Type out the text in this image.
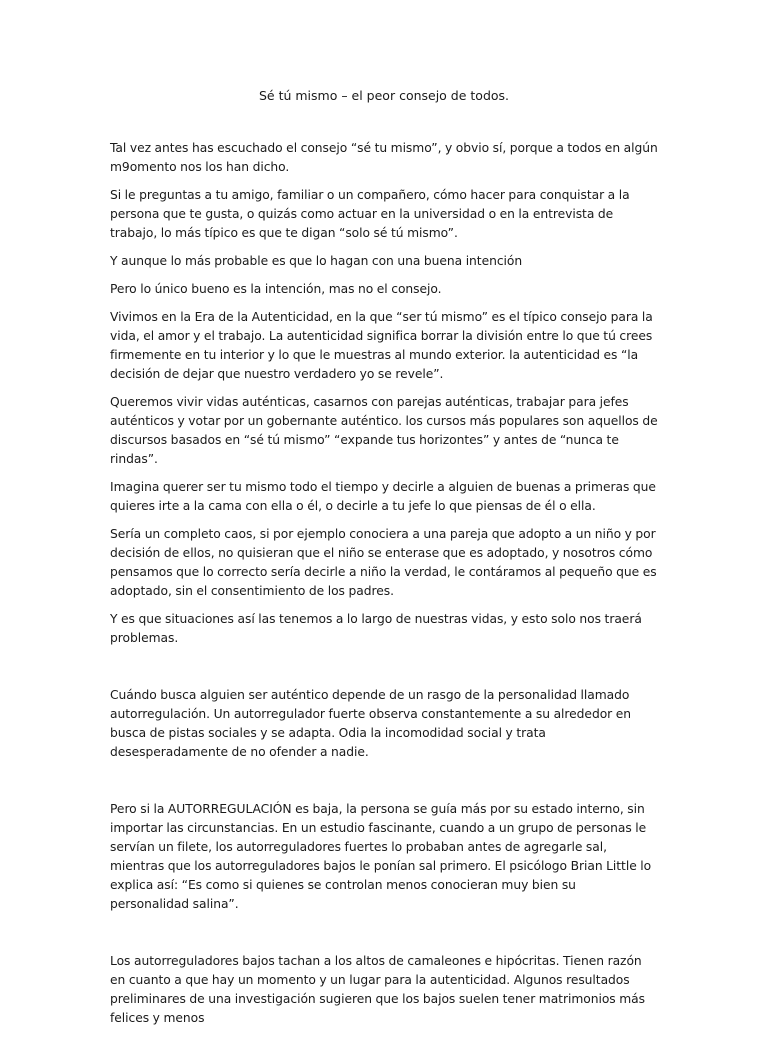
Sé tú mismo – el peor consejo de todos.

Tal vez antes has escuchado el consejo “sé tu mismo”, y obvio sí, porque a todos en algún m9omento nos los han dicho.

Si le preguntas a tu amigo, familiar o un compañero, cómo hacer para conquistar a la persona que te gusta, o quizás como actuar en la universidad o en la entrevista de trabajo, lo más típico es que te digan “solo sé tú mismo”.

Y aunque lo más probable es que lo hagan con una buena intención

Pero lo único bueno es la intención, mas no el consejo.

Vivimos en la Era de la Autenticidad, en la que “ser tú mismo” es el típico consejo para la vida, el amor y el trabajo. La autenticidad significa borrar la división entre lo que tú crees firmemente en tu interior y lo que le muestras al mundo exterior. la autenticidad es “la decisión de dejar que nuestro verdadero yo se revele”.

Queremos vivir vidas auténticas, casarnos con parejas auténticas, trabajar para jefes auténticos y votar por un gobernante auténtico. los cursos más populares son aquellos de discursos basados en “sé tú mismo” “expande tus horizontes” y antes de “nunca te rindas”.

Imagina querer ser tu mismo todo el tiempo y decirle a alguien de buenas a primeras que quieres irte a la cama con ella o él, o decirle a tu jefe lo que piensas de él o ella.

Sería un completo caos, si por ejemplo conociera a una pareja que adopto a un niño y por decisión de ellos, no quisieran que el niño se enterase que es adoptado, y nosotros cómo pensamos que lo correcto sería decirle a niño la verdad, le contáramos al pequeño que es adoptado, sin el consentimiento de los padres.

Y es que situaciones así las tenemos a lo largo de nuestras vidas, y esto solo nos traerá problemas.

Cuándo busca alguien ser auténtico depende de un rasgo de la personalidad llamado autorregulación. Un autorregulador fuerte observa constantemente a su alrededor en busca de pistas sociales y se adapta. Odia la incomodidad social y trata desesperadamente de no ofender a nadie.

Pero si la AUTORREGULACIÓN es baja, la persona se guía más por su estado interno, sin importar las circunstancias. En un estudio fascinante, cuando a un grupo de personas le servían un filete, los autorreguladores fuertes lo probaban antes de agregarle sal, mientras que los autorreguladores bajos le ponían sal primero. El psicólogo Brian Little lo explica así: “Es como si quienes se controlan menos conocieran muy bien su personalidad salina”.

Los autorreguladores bajos tachan a los altos de camaleones e hipócritas. Tienen razón en cuanto a que hay un momento y un lugar para la autenticidad. Algunos resultados preliminares de una investigación sugieren que los bajos suelen tener matrimonios más felices y menos
